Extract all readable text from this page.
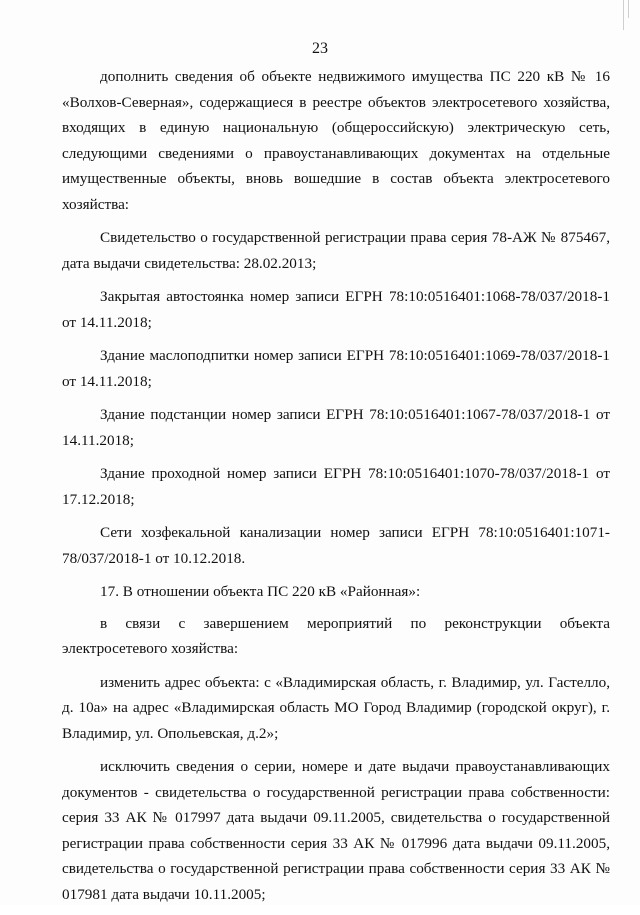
23

дополнить сведения об объекте недвижимого имущества ПС 220 кВ № 16 «Волхов-Северная», содержащиеся в реестре объектов электросетевого хозяйства, входящих в единую национальную (общероссийскую) электрическую сеть, следующими сведениями о правоустанавливающих документах на отдельные имущественные объекты, вновь вошедшие в состав объекта электросетевого хозяйства:

Свидетельство о государственной регистрации права серия 78-АЖ № 875467, дата выдачи свидетельства: 28.02.2013;

Закрытая автостоянка номер записи ЕГРН 78:10:0516401:1068-78/037/2018-1 от 14.11.2018;

Здание маслоподпитки номер записи ЕГРН 78:10:0516401:1069-78/037/2018-1 от 14.11.2018;

Здание подстанции номер записи ЕГРН 78:10:0516401:1067-78/037/2018-1 от 14.11.2018;

Здание проходной номер записи ЕГРН 78:10:0516401:1070-78/037/2018-1 от 17.12.2018;

Сети хозфекальной канализации номер записи ЕГРН 78:10:0516401:1071-78/037/2018-1 от 10.12.2018.

17. В отношении объекта ПС 220 кВ «Районная»:

в связи с завершением мероприятий по реконструкции объекта электросетевого хозяйства:

изменить адрес объекта: с «Владимирская область, г. Владимир, ул. Гастелло, д. 10а» на адрес «Владимирская область МО Город Владимир (городской округ), г. Владимир, ул. Опольевская, д.2»;

исключить сведения о серии, номере и дате выдачи правоустанавливающих документов - свидетельства о государственной регистрации права собственности: серия 33 АК № 017997 дата выдачи 09.11.2005, свидетельства о государственной регистрации права собственности серия 33 АК № 017996 дата выдачи 09.11.2005, свидетельства о государственной регистрации права собственности серия 33 АК № 017981 дата выдачи 10.11.2005;
